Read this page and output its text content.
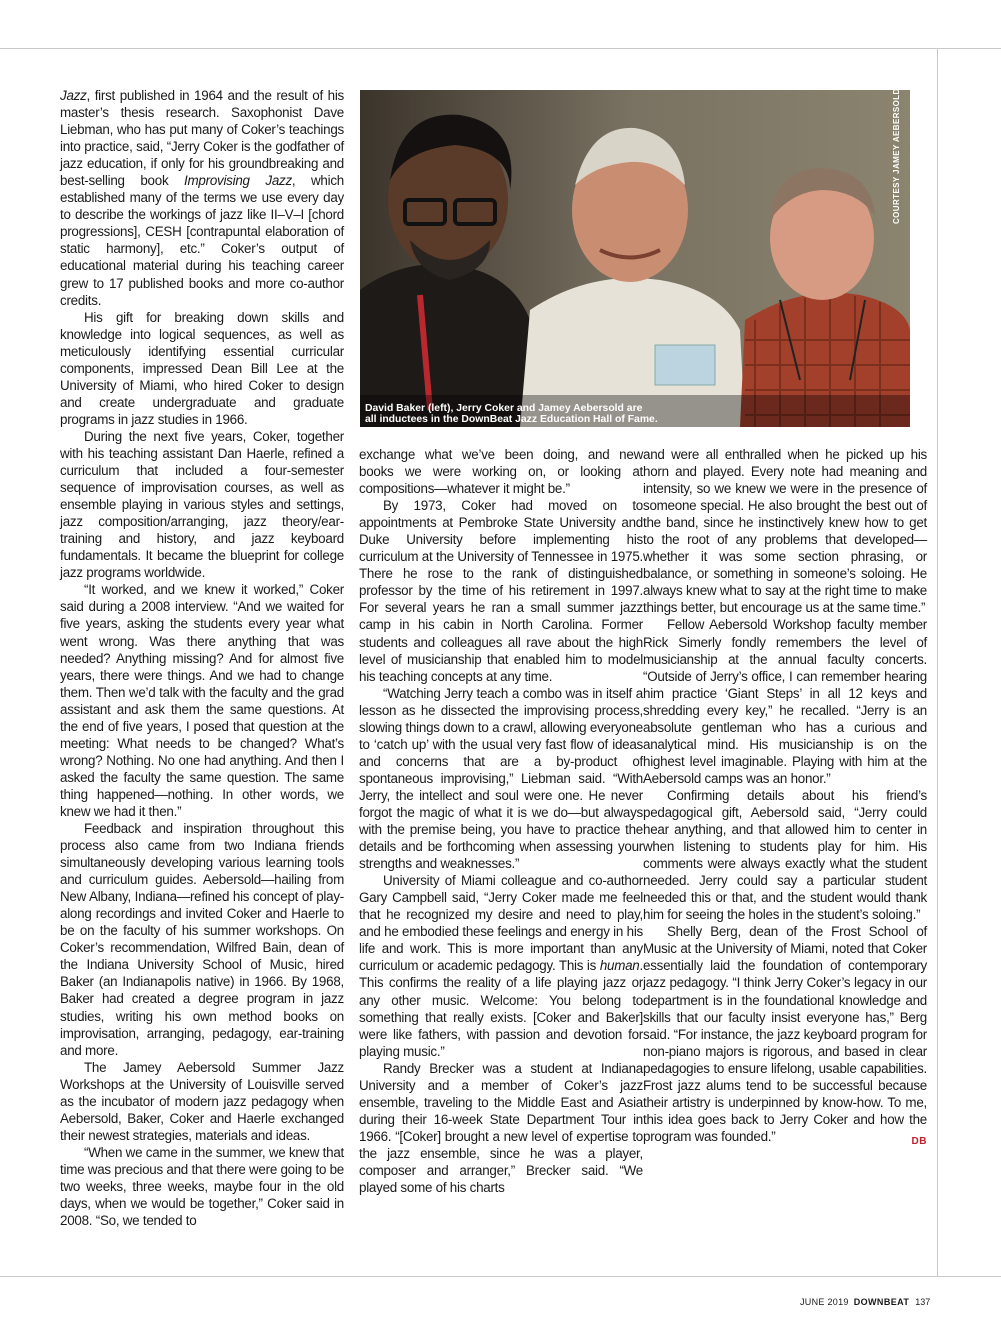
Jazz, first published in 1964 and the result of his master’s thesis research. Saxophonist Dave Liebman, who has put many of Coker’s teachings into practice, said, “Jerry Coker is the godfather of jazz education, if only for his groundbreaking and best-selling book Improvising Jazz, which established many of the terms we use every day to describe the workings of jazz like II–V–I [chord progressions], CESH [contrapuntal elaboration of static harmony], etc.” Coker’s output of educational material during his teaching career grew to 17 published books and more co-author credits.

His gift for breaking down skills and knowledge into logical sequences, as well as meticulously identifying essential curricular components, impressed Dean Bill Lee at the University of Miami, who hired Coker to design and create undergraduate and graduate programs in jazz studies in 1966.

During the next five years, Coker, together with his teaching assistant Dan Haerle, refined a curriculum that included a four-semester sequence of improvisation courses, as well as ensemble playing in various styles and settings, jazz composition/arranging, jazz theory/ear-training and history, and jazz keyboard fundamentals. It became the blueprint for college jazz programs worldwide.

“It worked, and we knew it worked,” Coker said during a 2008 interview. “And we waited for five years, asking the students every year what went wrong. Was there anything that was needed? Anything missing? And for almost five years, there were things. And we had to change them. Then we’d talk with the faculty and the grad assistant and ask them the same questions. At the end of five years, I posed that question at the meeting: What needs to be changed? What’s wrong? Nothing. No one had anything. And then I asked the faculty the same question. The same thing happened—nothing. In other words, we knew we had it then.”

Feedback and inspiration throughout this process also came from two Indiana friends simultaneously developing various learning tools and curriculum guides. Aebersold—hailing from New Albany, Indiana—refined his concept of play-along recordings and invited Coker and Haerle to be on the faculty of his summer workshops. On Coker’s recommendation, Wilfred Bain, dean of the Indiana University School of Music, hired Baker (an Indianapolis native) in 1966. By 1968, Baker had created a degree program in jazz studies, writing his own method books on improvisation, arranging, pedagogy, ear-training and more.

The Jamey Aebersold Summer Jazz Workshops at the University of Louisville served as the incubator of modern jazz pedagogy when Aebersold, Baker, Coker and Haerle exchanged their newest strategies, materials and ideas.

“When we came in the summer, we knew that time was precious and that there were going to be two weeks, three weeks, maybe four in the old days, when we would be together,” Coker said in 2008. “So, we tended to

COURTESY JAMEY AEBERSOLD
David Baker (left), Jerry Coker and Jamey Aebersold are
all inductees in the DownBeat Jazz Education Hall of Fame.

exchange what we’ve been doing, and new books we were working on, or looking at compositions—whatever it might be.”

By 1973, Coker had moved on to appointments at Pembroke State University and Duke University before implementing his curriculum at the University of Tennessee in 1975. There he rose to the rank of distinguished professor by the time of his retirement in 1997. For several years he ran a small summer jazz camp in his cabin in North Carolina. Former students and colleagues all rave about the high level of musicianship that enabled him to model his teaching concepts at any time.

“Watching Jerry teach a combo was in itself a lesson as he dissected the improvising process, slowing things down to a crawl, allowing everyone to ‘catch up’ with the usual very fast flow of ideas and concerns that are a by-product of spontaneous improvising,” Liebman said. “With Jerry, the intellect and soul were one. He never forgot the magic of what it is we do—but always with the premise being, you have to practice the details and be forthcoming when assessing your strengths and weaknesses.”

University of Miami colleague and co-author Gary Campbell said, “Jerry Coker made me feel that he recognized my desire and need to play, and he embodied these feelings and energy in his life and work. This is more important than any curriculum or academic pedagogy. This is human. This confirms the reality of a life playing jazz or any other music. Welcome: You belong to something that really exists. [Coker and Baker] were like fathers, with passion and devotion for playing music.”

Randy Brecker was a student at Indiana University and a member of Coker’s jazz ensemble, traveling to the Middle East and Asia during their 16-week State Department Tour in 1966. “[Coker] brought a new level of expertise to the jazz ensemble, since he was a player, composer and arranger,” Brecker said. “We played some of his charts

and were all enthralled when he picked up his horn and played. Every note had meaning and intensity, so we knew we were in the presence of someone special. He also brought the best out of the band, since he instinctively knew how to get to the root of any problems that developed—whether it was some section phrasing, or balance, or something in someone’s soloing. He always knew what to say at the right time to make things better, but encourage us at the same time.”

Fellow Aebersold Workshop faculty member Rick Simerly fondly remembers the level of musicianship at the annual faculty concerts. “Outside of Jerry’s office, I can remember hearing him practice ‘Giant Steps’ in all 12 keys and shredding every key,” he recalled. “Jerry is an absolute gentleman who has a curious and analytical mind. His musicianship is on the highest level imaginable. Playing with him at the Aebersold camps was an honor.”

Confirming details about his friend’s pedagogical gift, Aebersold said, “Jerry could hear anything, and that allowed him to center in when listening to students play for him. His comments were always exactly what the student needed. Jerry could say a particular student needed this or that, and the student would thank him for seeing the holes in the student’s soloing.”

Shelly Berg, dean of the Frost School of Music at the University of Miami, noted that Coker essentially laid the foundation of contemporary jazz pedagogy. “I think Jerry Coker’s legacy in our department is in the foundational knowledge and skills that our faculty insist everyone has,” Berg said. “For instance, the jazz keyboard program for non-piano majors is rigorous, and based in clear pedagogies to ensure lifelong, usable capabilities. Frost jazz alums tend to be successful because their artistry is underpinned by know-how. To me, this idea goes back to Jerry Coker and how the program was founded.”	DB

JUNE 2019 DOWNBEAT 137
